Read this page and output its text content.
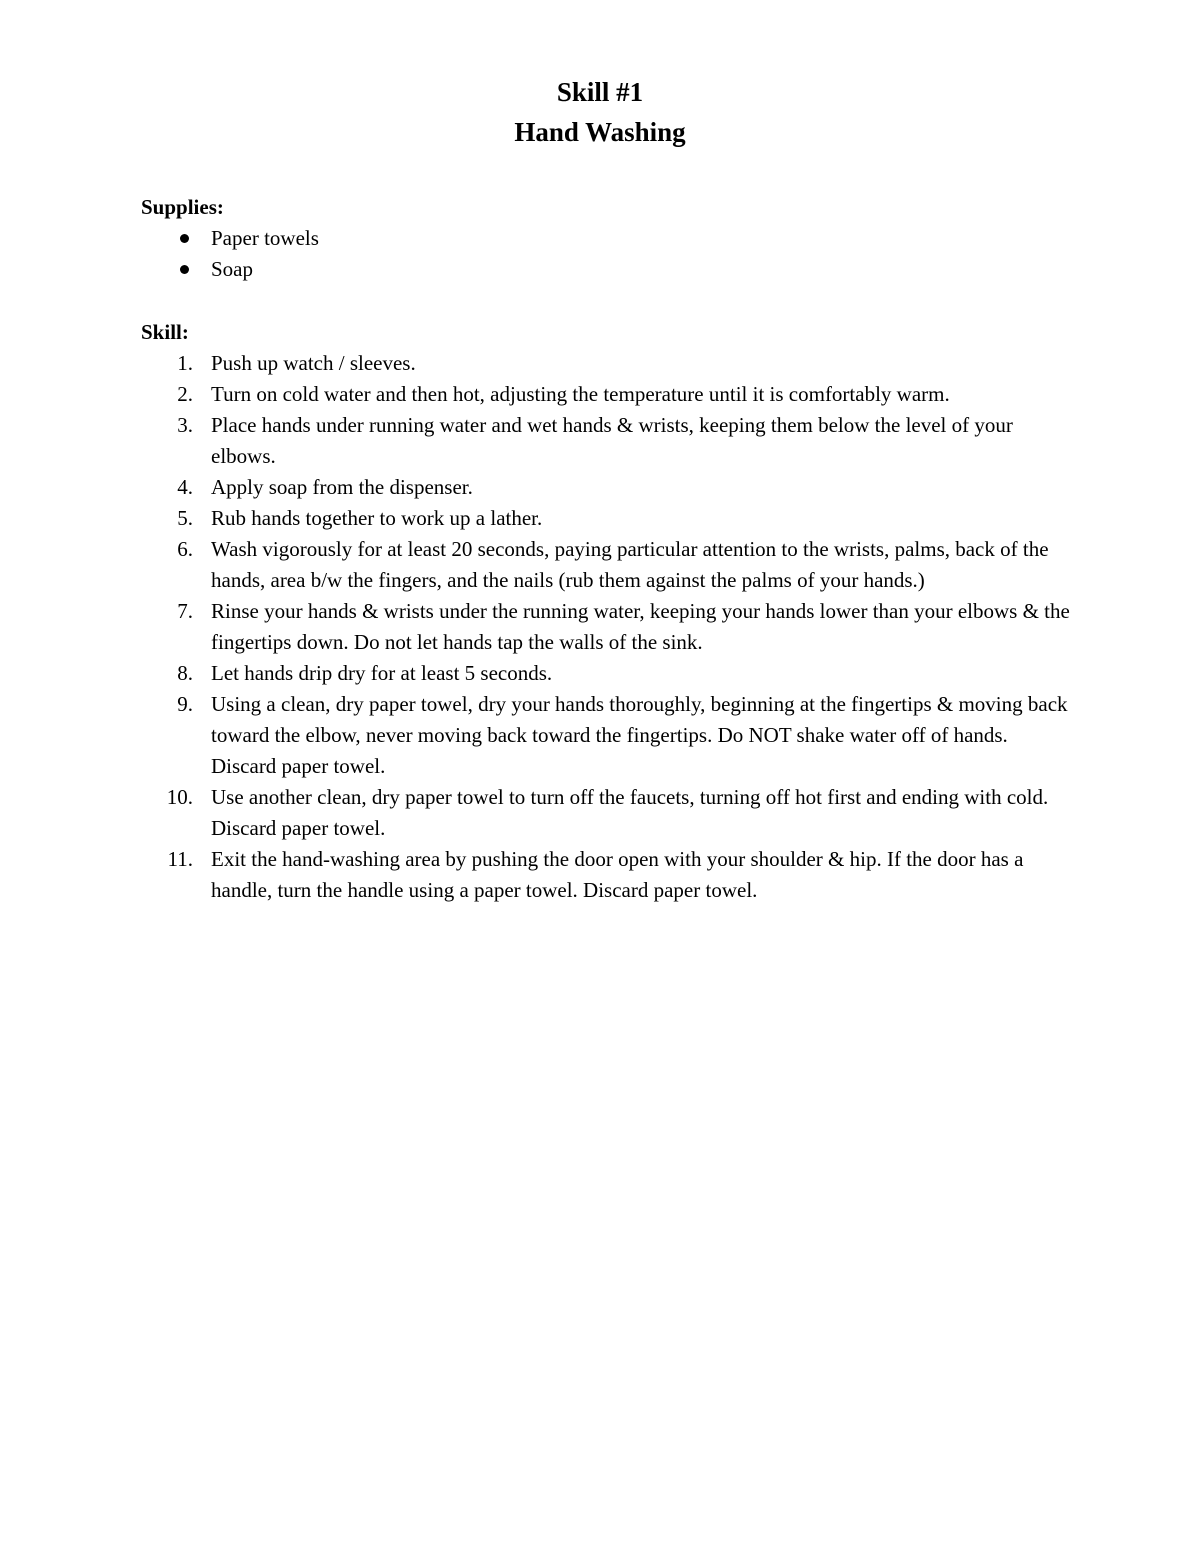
Skill #1

Hand Washing

Supplies:

Paper towels
Soap

Skill:

1. Push up watch / sleeves.
2. Turn on cold water and then hot, adjusting the temperature until it is comfortably warm.
3. Place hands under running water and wet hands & wrists, keeping them below the level of your elbows.
4. Apply soap from the dispenser.
5. Rub hands together to work up a lather.
6. Wash vigorously for at least 20 seconds, paying particular attention to the wrists, palms, back of the hands, area b/w the fingers, and the nails (rub them against the palms of your hands.)
7. Rinse your hands & wrists under the running water, keeping your hands lower than your elbows & the fingertips down. Do not let hands tap the walls of the sink.
8. Let hands drip dry for at least 5 seconds.
9. Using a clean, dry paper towel, dry your hands thoroughly, beginning at the fingertips & moving back toward the elbow, never moving back toward the fingertips. Do NOT shake water off of hands. Discard paper towel.
10. Use another clean, dry paper towel to turn off the faucets, turning off hot first and ending with cold. Discard paper towel.
11. Exit the hand-washing area by pushing the door open with your shoulder & hip. If the door has a handle, turn the handle using a paper towel. Discard paper towel.
